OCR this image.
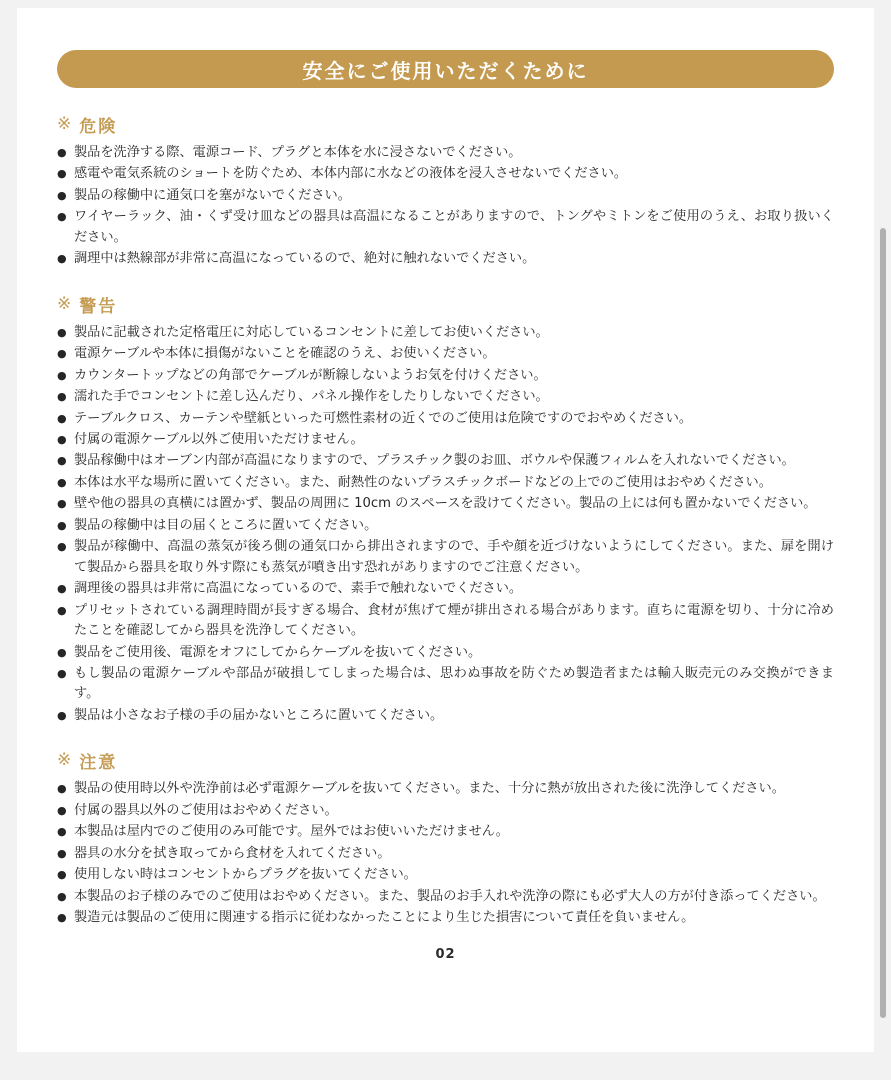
安全にご使用いただくために
※ 危険
● 製品を洗浄する際、電源コード、プラグと本体を水に浸さないでください。
● 感電や電気系統のショートを防ぐため、本体内部に水などの液体を浸入させないでください。
● 製品の稼働中に通気口を塞がないでください。
● ワイヤーラック、油・くず受け皿などの器具は高温になることがありますので、トングやミトンをご使用のうえ、お取り扱いください。
● 調理中は熱線部が非常に高温になっているので、絶対に触れないでください。
※ 警告
● 製品に記載された定格電圧に対応しているコンセントに差してお使いください。
● 電源ケーブルや本体に損傷がないことを確認のうえ、お使いください。
● カウンタートップなどの角部でケーブルが断線しないようお気を付けください。
● 濡れた手でコンセントに差し込んだり、パネル操作をしたりしないでください。
● テーブルクロス、カーテンや壁紙といった可燃性素材の近くでのご使用は危険ですのでおやめください。
● 付属の電源ケーブル以外ご使用いただけません。
● 製品稼働中はオーブン内部が高温になりますので、プラスチック製のお皿、ボウルや保護フィルムを入れないでください。
● 本体は水平な場所に置いてください。また、耐熱性のないプラスチックボードなどの上でのご使用はおやめください。
● 壁や他の器具の真横には置かず、製品の周囲に 10cm のスペースを設けてください。製品の上には何も置かないでください。
● 製品の稼働中は目の届くところに置いてください。
● 製品が稼働中、高温の蒸気が後ろ側の通気口から排出されますので、手や顔を近づけないようにしてください。また、扉を開けて製品から器具を取り外す際にも蒸気が噴き出す恐れがありますのでご注意ください。
● 調理後の器具は非常に高温になっているので、素手で触れないでください。
● プリセットされている調理時間が長すぎる場合、食材が焦げて煙が排出される場合があります。直ちに電源を切り、十分に冷めたことを確認してから器具を洗浄してください。
● 製品をご使用後、電源をオフにしてからケーブルを抜いてください。
● もし製品の電源ケーブルや部品が破損してしまった場合は、思わぬ事故を防ぐため製造者または輸入販売元のみ交換ができます。
● 製品は小さなお子様の手の届かないところに置いてください。
※ 注意
● 製品の使用時以外や洗浄前は必ず電源ケーブルを抜いてください。また、十分に熱が放出された後に洗浄してください。
● 付属の器具以外のご使用はおやめください。
● 本製品は屋内でのご使用のみ可能です。屋外ではお使いいただけません。
● 器具の水分を拭き取ってから食材を入れてください。
● 使用しない時はコンセントからプラグを抜いてください。
● 本製品のお子様のみでのご使用はおやめください。また、製品のお手入れや洗浄の際にも必ず大人の方が付き添ってください。
● 製造元は製品のご使用に関連する指示に従わなかったことにより生じた損害について責任を負いません。
02
